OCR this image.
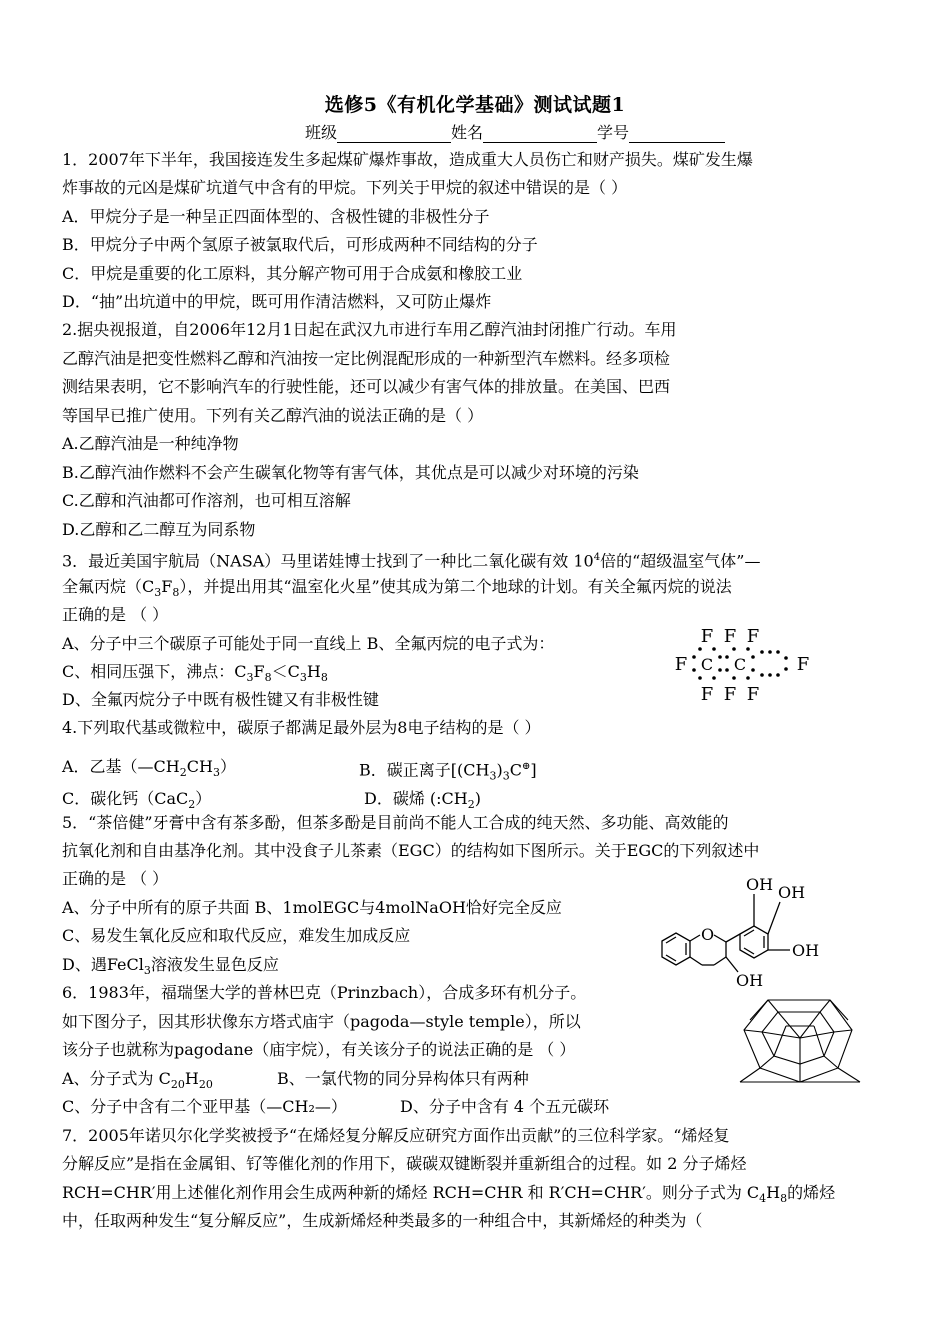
选修5《有机化学基础》测试试题1
班级	姓名	学号
1．2007年下半年，我国接连发生多起煤矿爆炸事故，造成重大人员伤亡和财产损失。煤矿发生爆
炸事故的元凶是煤矿坑道气中含有的甲烷。下列关于甲烷的叙述中错误的是（ ）
A．甲烷分子是一种呈正四面体型的、含极性键的非极性分子
B．甲烷分子中两个氢原子被氯取代后，可形成两种不同结构的分子
C．甲烷是重要的化工原料，其分解产物可用于合成氨和橡胶工业
D．“抽”出坑道中的甲烷，既可用作清洁燃料，又可防止爆炸
2.据央视报道，自2006年12月1日起在武汉九市进行车用乙醇汽油封闭推广行动。车用
乙醇汽油是把变性燃料乙醇和汽油按一定比例混配形成的一种新型汽车燃料。经多项检
测结果表明，它不影响汽车的行驶性能，还可以减少有害气体的排放量。在美国、巴西
等国早已推广使用。下列有关乙醇汽油的说法正确的是（ ）
A.乙醇汽油是一种纯净物
B.乙醇汽油作燃料不会产生碳氧化物等有害气体，其优点是可以减少对环境的污染
C.乙醇和汽油都可作溶剂，也可相互溶解
D.乙醇和乙二醇互为同系物
3．最近美国宇航局（NASA）马里诺娃博士找到了一种比二氧化碳有效 $10^4$倍的“超级温室气体”—
全氟丙烷$(C_3F_8)$，并提出用其“温室化火星”使其成为第二个地球的计划。有关全氟丙烷的说法
正确的是 （ ）
A、分子中三个碳原子可能处于同一直线上 B、全氟丙烷的电子式为：
C、相同压强下，沸点：$C_3F_8<C_3H_8$
D、全氟丙烷分子中既有极性键又有非极性键
F F F
F	F
F F F
C C
4.下列取代基或微粒中，碳原子都满足最外层为8电子结构的是（ ）
A．乙基$(—CH_2CH_3)$	B．碳正离子$[(CH_3)_3C^\oplus]$
C．碳化钙（CaC$_2$）	D．碳烯 $(:CH_2)$
5．“茶倍健”牙膏中含有茶多酚，但茶多酚是目前尚不能人工合成的纯天然、多功能、高效能的
抗氧化剂和自由基净化剂。其中没食子儿茶素（EGC）的结构如下图所示。关于EGC的下列叙述中
正确的是 （ ）
A、分子中所有的原子共面 B、1molEGC与4molNaOH恰好完全反应
C、易发生氧化反应和取代反应，难发生加成反应
D、遇FeCl$_3$溶液发生显色反应
O
OH OH
OH
OH
6．1983年，福瑞堡大学的普林巴克（Prinzbach），合成多环有机分子。
如下图分子，因其形状像东方塔式庙宇（pagoda—style temple），所以
该分子也就称为pagodane（庙宇烷），有关该分子的说法正确的是 （ ）
A、分子式为 $C_{20}H_{20}$	B、一氯代物的同分异构体只有两种
C、分子中含有二个亚甲基（—CH₂—）	D、分子中含有 4 个五元碳环
7．2005年诺贝尔化学奖被授予“在烯烃复分解反应研究方面作出贡献”的三位科学家。“烯烃复
分解反应”是指在金属钼、钌等催化剂的作用下，碳碳双键断裂并重新组合的过程。如 2 分子烯烃
RCH=CHR′用上述催化剂作用会生成两种新的烯烃 RCH=CHR 和 R′CH=CHR′。则分子式为 $C_4H_8$的烯烃
中，任取两种发生“复分解反应”，生成新烯烃种类最多的一种组合中，其新烯烃的种类为（
